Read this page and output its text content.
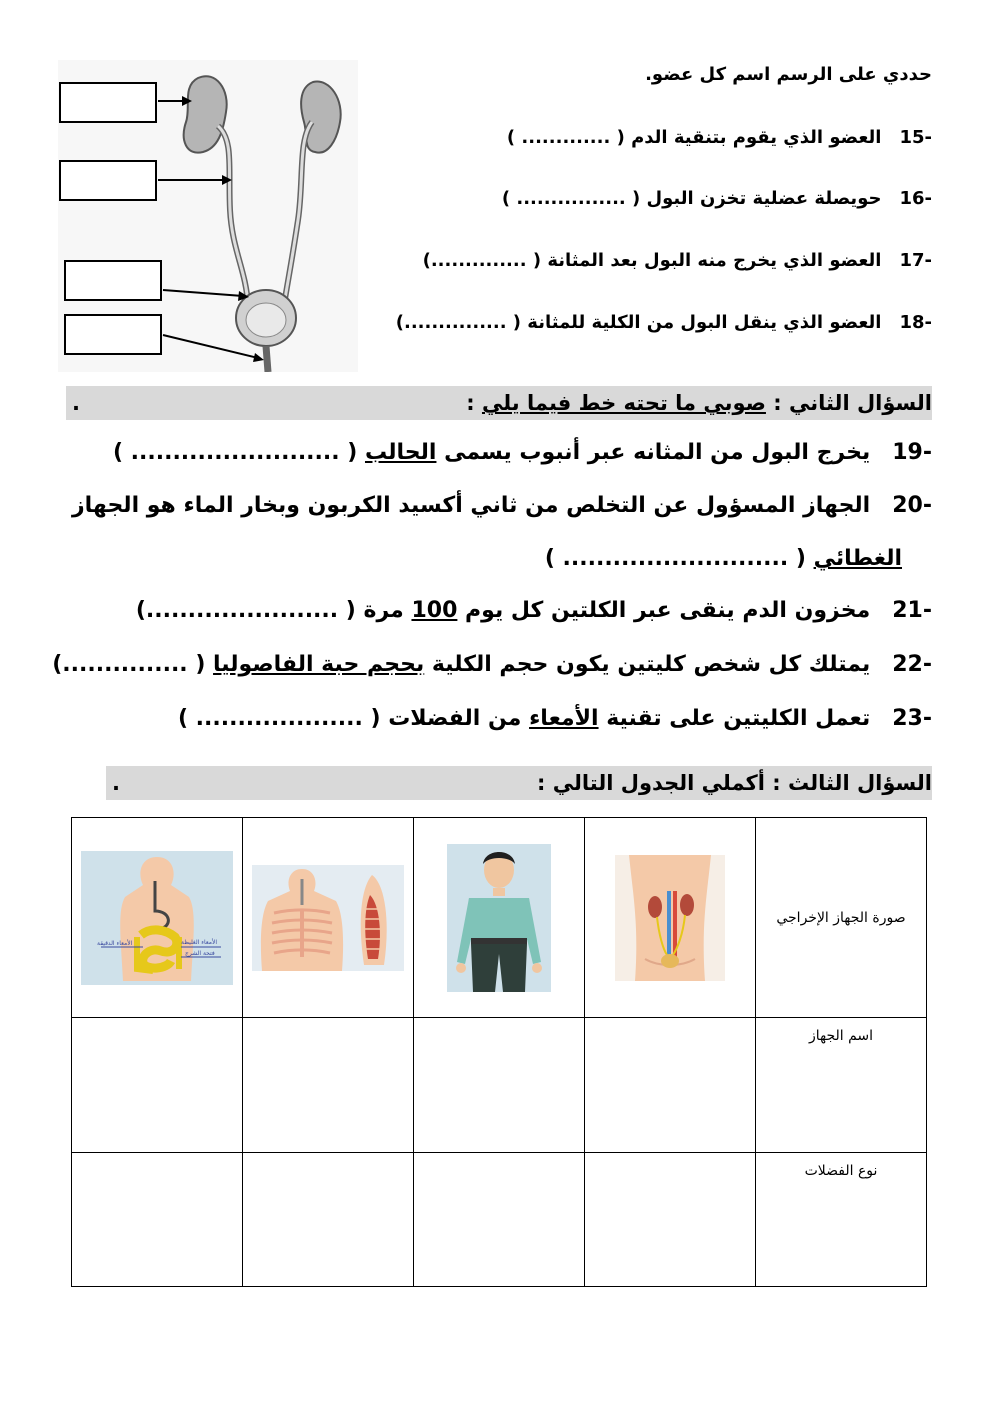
حددي على الرسم اسم كل عضو.
-15العضو الذي يقوم بتنقية الدم ( ............. )
-16حويصلة عضلية تخزن البول ( ................ )
-17العضو الذي يخرج منه البول بعد المثانة ( ..............)
-18العضو الذي ينقل البول من الكلية للمثانة ( ...............)
السؤال الثاني : صوبي ما تحته خط فيما يلي :
.
-19يخرج البول من المثانه عبر أنبوب يسمى الحالب ( ......................... )
-20الجهاز المسؤول عن التخلص من ثاني أكسيد الكربون وبخار الماء هو الجهاز
الغطائي ( ........................... )
-21مخزون الدم ينقى عبر الكلتين كل يوم 100 مرة ( .......................)
-22يمتلك كل شخص كليتين يكون حجم الكلية بحجم حبة الفاصوليا ( ...............)
-23تعمل الكليتين على تقنية الأمعاء من الفضلات ( .................... )
السؤال الثالث : أكملي الجدول التالي :
.
الأمعاء الدقيقة الأمعاء الغليظة
فتحة الشرج				صورة الجهاز الإخراجي
				اسم الجهاز
				نوع الفضلات
